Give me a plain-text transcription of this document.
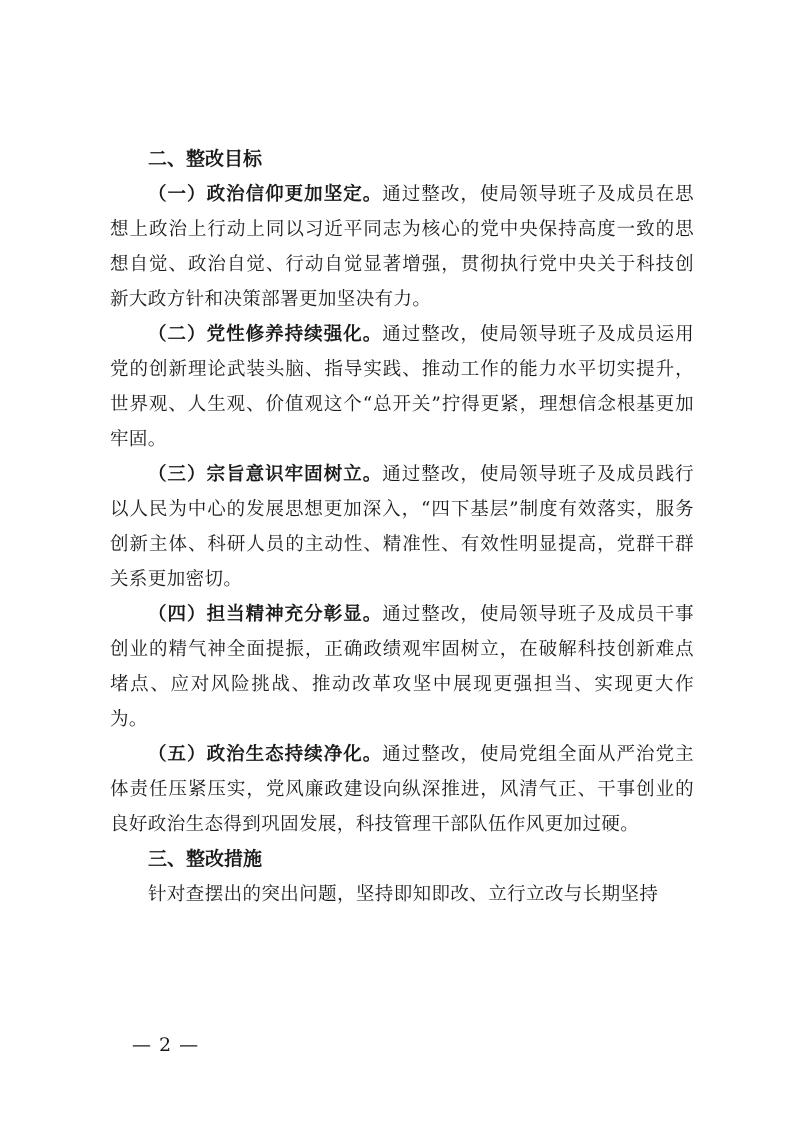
二、整改目标

（一）政治信仰更加坚定。通过整改，使局领导班子及成员在思想上政治上行动上同以习近平同志为核心的党中央保持高度一致的思想自觉、政治自觉、行动自觉显著增强，贯彻执行党中央关于科技创新大政方针和决策部署更加坚决有力。

（二）党性修养持续强化。通过整改，使局领导班子及成员运用党的创新理论武装头脑、指导实践、推动工作的能力水平切实提升，世界观、人生观、价值观这个“总开关”拧得更紧，理想信念根基更加牢固。

（三）宗旨意识牢固树立。通过整改，使局领导班子及成员践行以人民为中心的发展思想更加深入，“四下基层”制度有效落实，服务创新主体、科研人员的主动性、精准性、有效性明显提高，党群干群关系更加密切。

（四）担当精神充分彰显。通过整改，使局领导班子及成员干事创业的精气神全面提振，正确政绩观牢固树立，在破解科技创新难点堵点、应对风险挑战、推动改革攻坚中展现更强担当、实现更大作为。

（五）政治生态持续净化。通过整改，使局党组全面从严治党主体责任压紧压实，党风廉政建设向纵深推进，风清气正、干事创业的良好政治生态得到巩固发展，科技管理干部队伍作风更加过硬。

三、整改措施

针对查摆出的突出问题，坚持即知即改、立行立改与长期坚持

— 2 —
